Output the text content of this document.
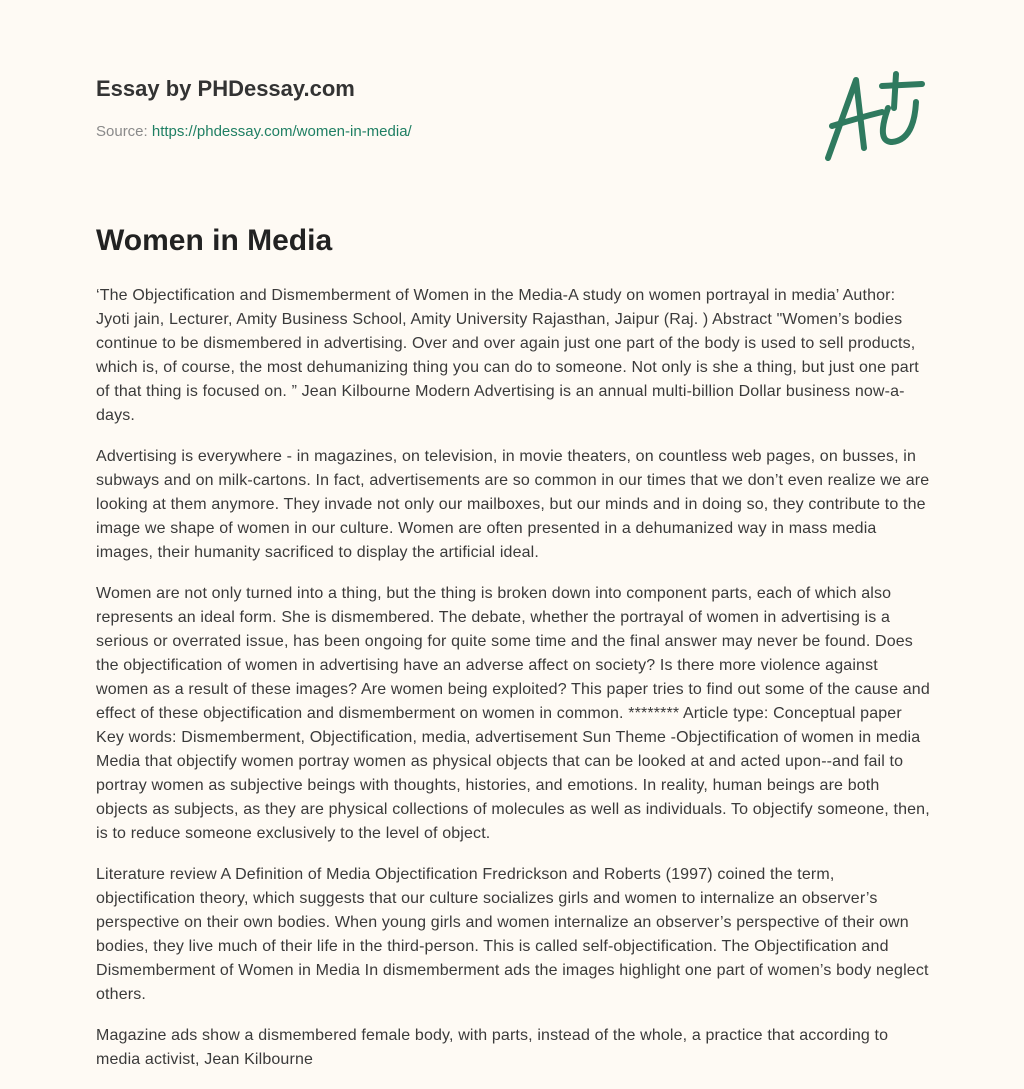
Essay by PHDessay.com
Source: https://phdessay.com/women-in-media/
Women in Media

‘The Objectification and Dismemberment of Women in the Media-A study on women portrayal in media’ Author: Jyoti jain, Lecturer, Amity Business School, Amity University Rajasthan, Jaipur (Raj. ) Abstract "Women’s bodies continue to be dismembered in advertising. Over and over again just one part of the body is used to sell products, which is, of course, the most dehumanizing thing you can do to someone. Not only is she a thing, but just one part of that thing is focused on. ” Jean Kilbourne Modern Advertising is an annual multi-billion Dollar business now-a-days.

Advertising is everywhere - in magazines, on television, in movie theaters, on countless web pages, on busses, in subways and on milk-cartons. In fact, advertisements are so common in our times that we don’t even realize we are looking at them anymore. They invade not only our mailboxes, but our minds and in doing so, they contribute to the image we shape of women in our culture. Women are often presented in a dehumanized way in mass media images, their humanity sacrificed to display the artificial ideal.

Women are not only turned into a thing, but the thing is broken down into component parts, each of which also represents an ideal form. She is dismembered. The debate, whether the portrayal of women in advertising is a serious or overrated issue, has been ongoing for quite some time and the final answer may never be found. Does the objectification of women in advertising have an adverse affect on society? Is there more violence against women as a result of these images? Are women being exploited? This paper tries to find out some of the cause and effect of these objectification and dismemberment on women in common. ******** Article type: Conceptual paper Key words: Dismemberment, Objectification, media, advertisement Sun Theme -Objectification of women in media Media that objectify women portray women as physical objects that can be looked at and acted upon--and fail to portray women as subjective beings with thoughts, histories, and emotions. In reality, human beings are both objects as subjects, as they are physical collections of molecules as well as individuals. To objectify someone, then, is to reduce someone exclusively to the level of object.

Literature review A Definition of Media Objectification Fredrickson and Roberts (1997) coined the term, objectification theory, which suggests that our culture socializes girls and women to internalize an observer’s perspective on their own bodies. When young girls and women internalize an observer’s perspective of their own bodies, they live much of their life in the third-person. This is called self-objectification. The Objectification and Dismemberment of Women in Media In dismemberment ads the images highlight one part of women’s body neglect others.

Magazine ads show a dismembered female body, with parts, instead of the whole, a practice that according to media activist, Jean Kilbourne
